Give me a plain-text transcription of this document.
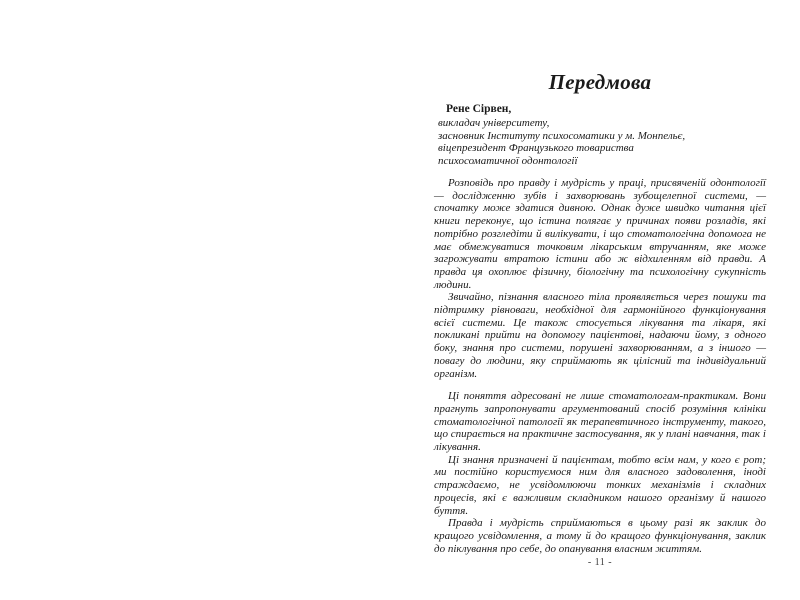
Передмова

Рене Сірвен,

викладач університету,

засновник Інституту психосоматики у м. Монпельє,

віцепрезидент Французького товариства

психосоматичної одонтології

Розповідь про правду і мудрість у праці, присвяченій одонтології — дослідженню зубів і захворювань зубощелепної системи, — спочатку може здатися дивною. Однак дуже швидко читання цієї книги переконує, що істина полягає у причинах появи розладів, які потрібно розгледіти й вилікувати, і що стоматологічна допомога не має обмежуватися точковим лікарським втручанням, яке може загрожувати втратою істини або ж відхиленням від правди. А правда ця охоплює фізичну, біологічну та психологічну сукупність людини.

Звичайно, пізнання власного тіла проявляється через пошуки та підтримку рівноваги, необхідної для гармонійного функціонування всієї системи. Це також стосується лікування та лікаря, які покликані прийти на допомогу пацієнтові, надаючи йому, з одного боку, знання про системи, порушені захворюванням, а з іншого — повагу до людини, яку сприймають як цілісний та індивідуальний організм.

Ці поняття адресовані не лише стоматологам-практикам. Вони прагнуть запропонувати аргументований спосіб розуміння клініки стоматологічної патології як терапевтичного інструменту, такого, що спирається на практичне застосування, як у плані навчання, так і лікування.

Ці знання призначені й пацієнтам, тобто всім нам, у кого є рот; ми постійно користуємося ним для власного задоволення, іноді страждаємо, не усвідомлюючи тонких механізмів і складних процесів, які є важливим складником нашого організму й нашого буття.

Правда і мудрість сприймаються в цьому разі як заклик до кращого усвідомлення, а тому й до кращого функціонування, заклик до піклування про себе, до опанування власним життям.

- 11 -
